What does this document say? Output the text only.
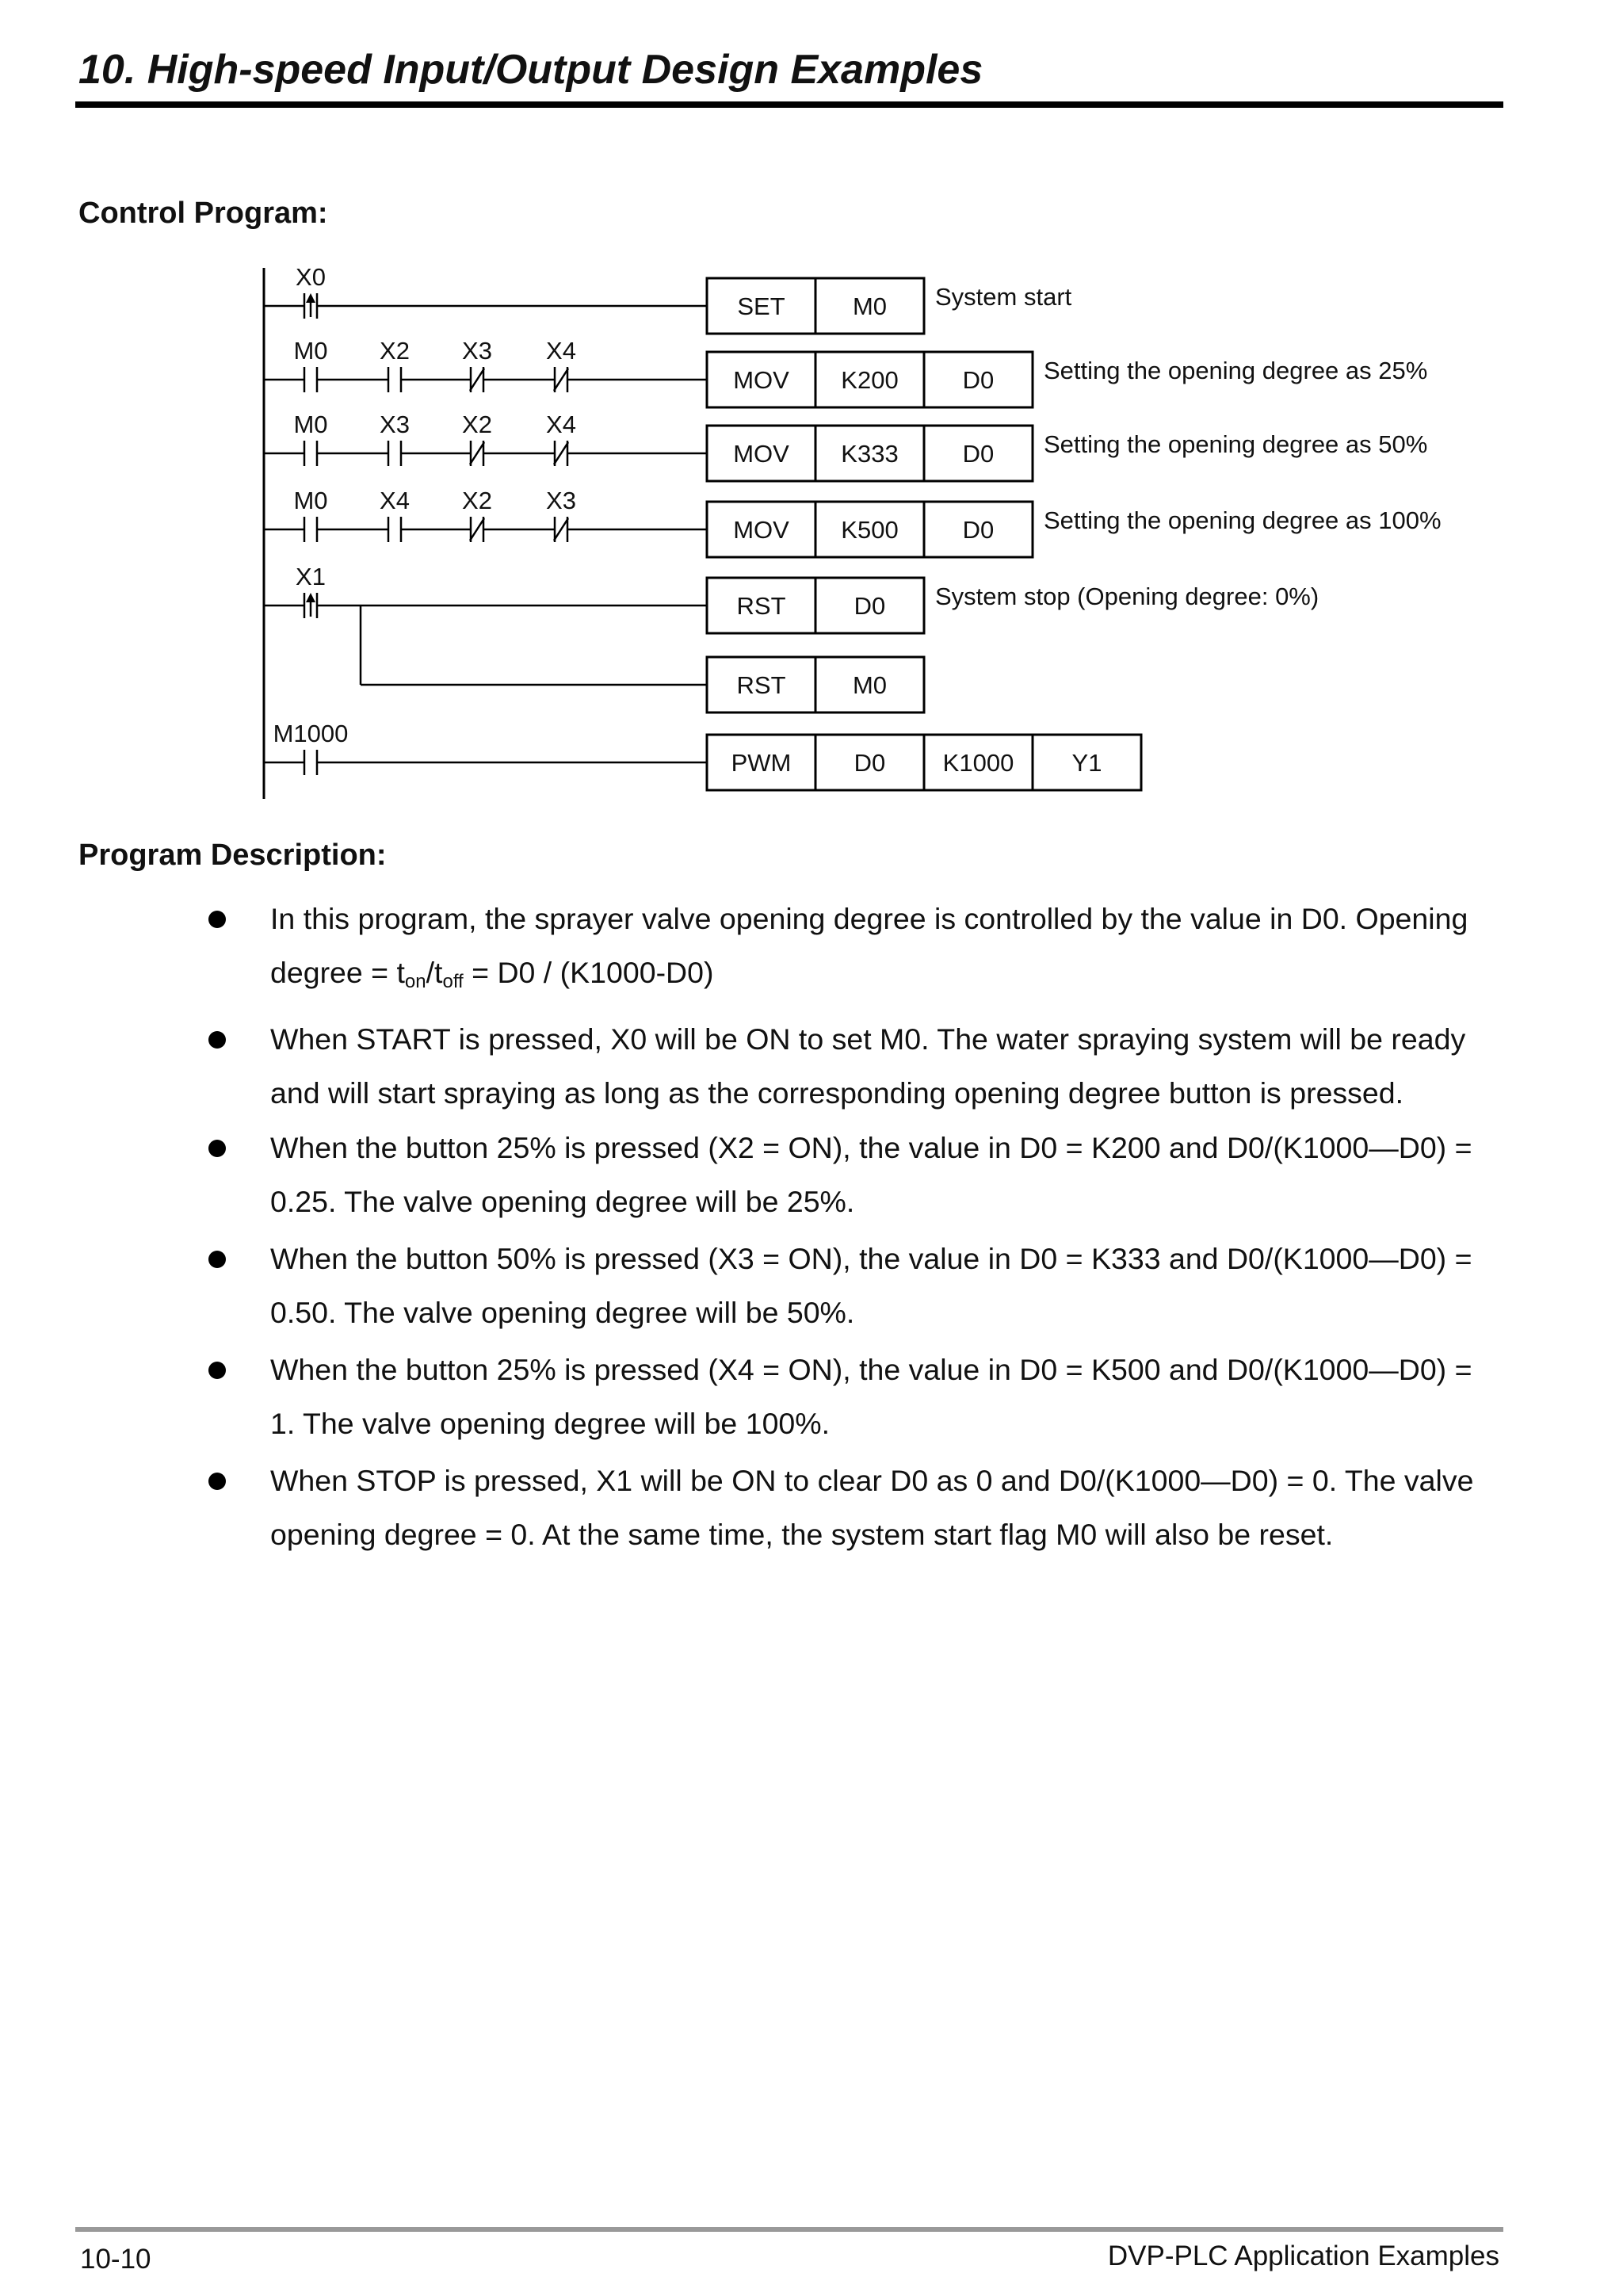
10. High-speed Input/Output Design Examples
Control Program:
X0
SET	M0 System start
M0 X2 X3 X4
MOV K200	D0 Setting the opening degree as 25%
M0 X3 X2 X4
MOV K333	D0 Setting the opening degree as 50%
M0 X4 X2 X3
MOV K500	D0 Setting the opening degree as 100%
X1
RST	D0
RST	M0
System stop (Opening degree: 0%)
M1000
PWM	D0 K1000 Y1
Program Description:
In this program, the sprayer valve opening degree is controlled by the value in D0. Opening
degree = $t_{on}/t_{off} = D0 / (K1000-D0)$
When START is pressed, X0 will be ON to set M0. The water spraying system will be ready
and will start spraying as long as the corresponding opening degree button is pressed.
When the button 25% is pressed (X2 = ON), the value in D0 = K200 and D0/(K1000—D0) =
0.25. The valve opening degree will be 25%.
When the button 50% is pressed (X3 = ON), the value in D0 = K333 and D0/(K1000—D0) =
0.50. The valve opening degree will be 50%.
When the button 25% is pressed (X4 = ON), the value in D0 = K500 and D0/(K1000—D0) =
1. The valve opening degree will be 100%.
When STOP is pressed, X1 will be ON to clear D0 as 0 and D0/(K1000—D0) = 0. The valve
opening degree = 0. At the same time, the system start flag M0 will also be reset.
10-10	DVP-PLC Application Examples
